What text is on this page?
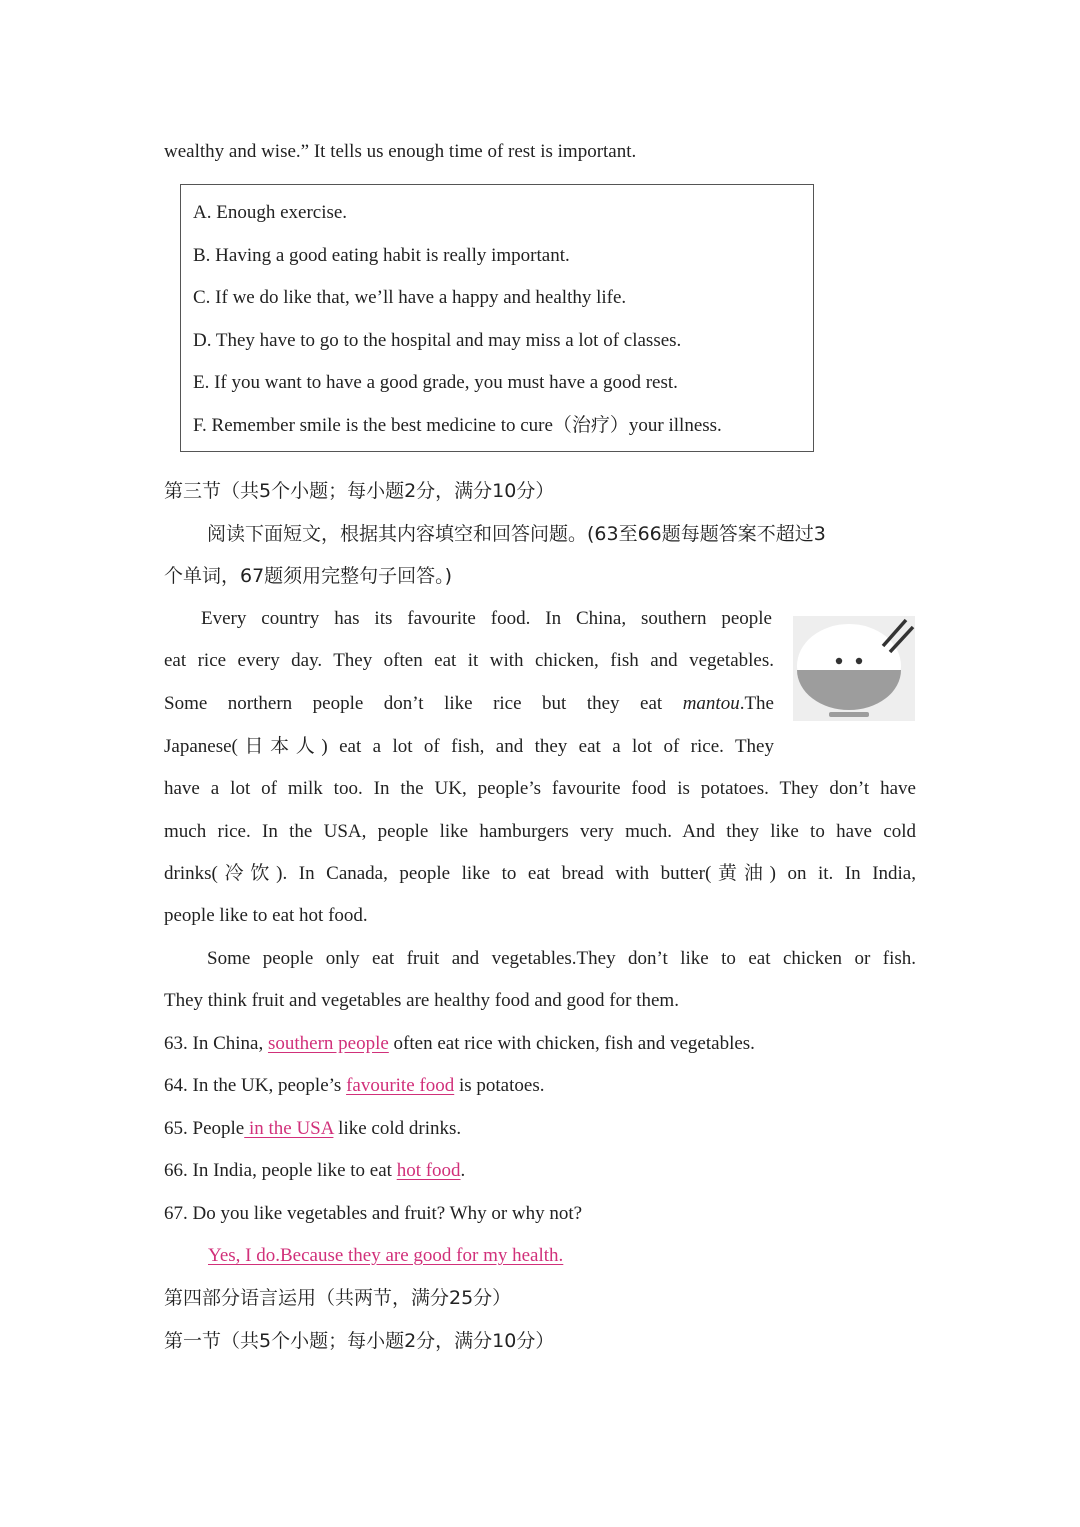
wealthy and wise.” It tells us enough time of rest is important.
A. Enough exercise.
B. Having a good eating habit is really important.
C. If we do like that, we’ll have a happy and healthy life.
D. They have to go to the hospital and may miss a lot of classes.
E. If you want to have a good grade, you must have a good rest.
F. Remember smile is the best medicine to cure（治疗）your illness.
第三节（共5个小题；每小题2分，满分10分）
阅读下面短文，根据其内容填空和回答问题。(63至66题每题答案不超过3
个单词，67题须用完整句子回答。)
Every country has its favourite food. In China, southern people
eat rice every day. They often eat it with chicken, fish and vegetables.
Some northern people don’t like rice but they eat mantou.The
Japanese(日本人) eat a lot of fish, and they eat a lot of rice. They
have a lot of milk too. In the UK, people’s favourite food is potatoes. They don’t have
much rice. In the USA, people like hamburgers very much. And they like to have cold
drinks(冷饮). In Canada, people like to eat bread with butter(黄油) on it. In India,
people like to eat hot food.
Some people only eat fruit and vegetables.They don’t like to eat chicken or fish.
They think fruit and vegetables are healthy food and good for them.
63. In China, southern people often eat rice with chicken, fish and vegetables.
64. In the UK, people’s favourite food is potatoes.
65. People in the USA like cold drinks.
66. In India, people like to eat hot food.
67. Do you like vegetables and fruit? Why or why not?
Yes, I do.Because they are good for my health.
第四部分语言运用（共两节，满分25分）
第一节（共5个小题；每小题2分，满分10分）
